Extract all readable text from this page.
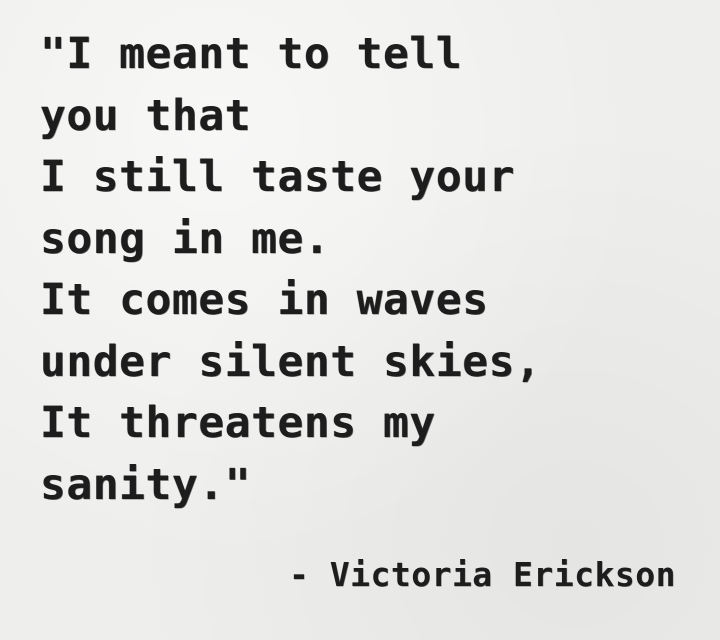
"I meant to tell
you that
I still taste your
song in me.
It comes in waves
under silent skies,
It threatens my
sanity."
- Victoria Erickson
